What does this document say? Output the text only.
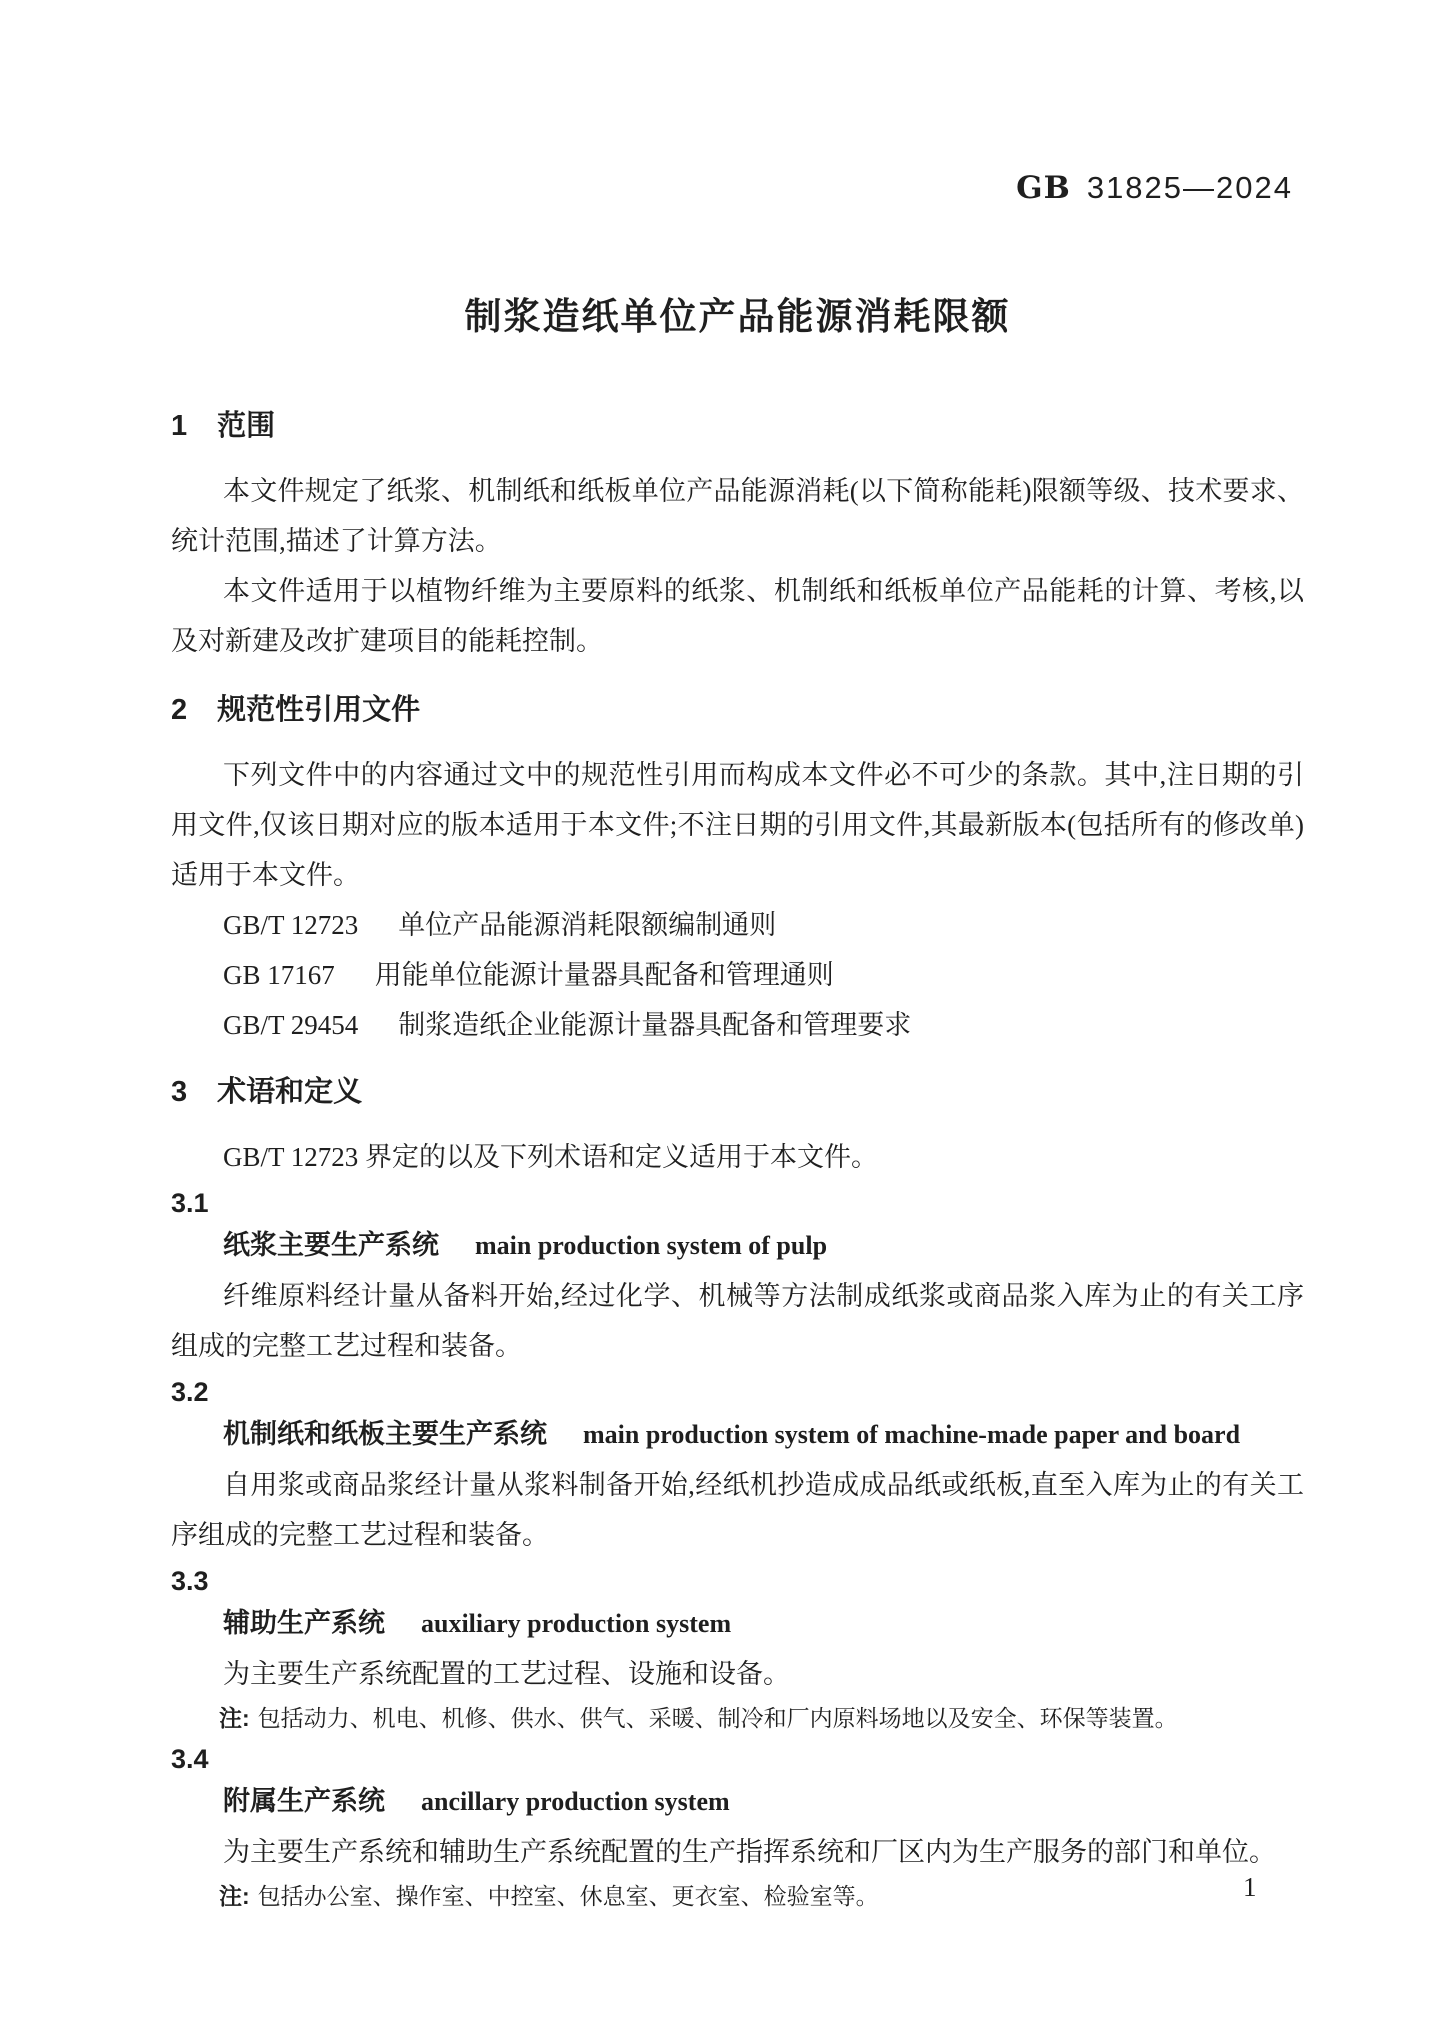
GB 31825—2024
制浆造纸单位产品能源消耗限额
1 范围

本文件规定了纸浆、机制纸和纸板单位产品能源消耗(以下简称能耗)限额等级、技术要求、统计范围,描述了计算方法。

本文件适用于以植物纤维为主要原料的纸浆、机制纸和纸板单位产品能耗的计算、考核,以及对新建及改扩建项目的能耗控制。

2 规范性引用文件

下列文件中的内容通过文中的规范性引用而构成本文件必不可少的条款。其中,注日期的引用文件,仅该日期对应的版本适用于本文件;不注日期的引用文件,其最新版本(包括所有的修改单)适用于本文件。

GB/T 12723 单位产品能源消耗限额编制通则
GB 17167 用能单位能源计量器具配备和管理通则
GB/T 29454 制浆造纸企业能源计量器具配备和管理要求
3 术语和定义

GB/T 12723 界定的以及下列术语和定义适用于本文件。

3.1
纸浆主要生产系统 main production system of pulp

纤维原料经计量从备料开始,经过化学、机械等方法制成纸浆或商品浆入库为止的有关工序组成的完整工艺过程和装备。

3.2
机制纸和纸板主要生产系统 main production system of machine-made paper and board

自用浆或商品浆经计量从浆料制备开始,经纸机抄造成成品纸或纸板,直至入库为止的有关工序组成的完整工艺过程和装备。

3.3
辅助生产系统 auxiliary production system

为主要生产系统配置的工艺过程、设施和设备。

注: 包括动力、机电、机修、供水、供气、采暖、制冷和厂内原料场地以及安全、环保等装置。
3.4
附属生产系统 ancillary production system

为主要生产系统和辅助生产系统配置的生产指挥系统和厂区内为生产服务的部门和单位。

注: 包括办公室、操作室、中控室、休息室、更衣室、检验室等。	1
